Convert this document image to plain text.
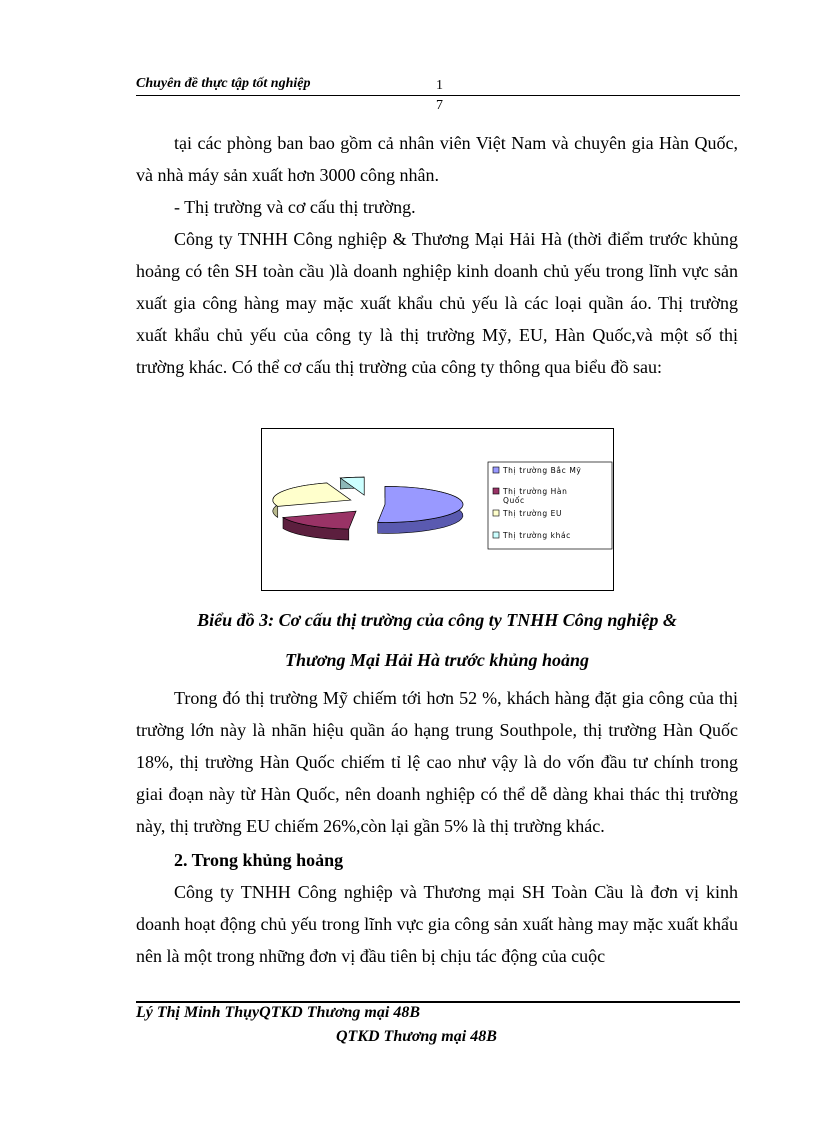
Chuyên đề thực tập tốt nghiệp	1
7

tại các phòng ban bao gồm cả nhân viên Việt Nam và chuyên gia Hàn Quốc, và nhà máy sản xuất hơn 3000 công nhân.

- Thị trường và cơ cấu thị trường.

Công ty TNHH Công nghiệp & Thương Mại Hải Hà (thời điểm trước khủng hoảng có tên SH toàn cầu )là doanh nghiệp kinh doanh chủ yếu trong lĩnh vực sản xuất gia công hàng may mặc xuất khẩu chủ yếu là các loại quần áo. Thị trường xuất khẩu chủ yếu của công ty là thị trường Mỹ, EU, Hàn Quốc,và một số thị trường khác. Có thể cơ cấu thị trường của công ty thông qua biểu đồ sau:

Thị trường Bắc Mỹ
Thị trường Hàn
Quốc
Thị trường EU
Thị trường khác
Biểu đồ 3: Cơ cấu thị trường của công ty TNHH Công nghiệp &
Thương Mại Hải Hà trước khủng hoảng

Trong đó thị trường Mỹ chiếm tới hơn 52 %, khách hàng đặt gia công của thị trường lớn này là nhãn hiệu quần áo hạng trung Southpole, thị trường Hàn Quốc 18%, thị trường Hàn Quốc chiếm tỉ lệ cao như vậy là do vốn đầu tư chính trong giai đoạn này từ Hàn Quốc, nên doanh nghiệp có thể dễ dàng khai thác thị trường này, thị trường EU chiếm 26%,còn lại gần 5% là thị trường khác.

2. Trong khủng hoảng

Công ty TNHH Công nghiệp và Thương mại SH Toàn Cầu là đơn vị kinh doanh hoạt động chủ yếu trong lĩnh vực gia công sản xuất hàng may mặc xuất khẩu nên là một trong những đơn vị đầu tiên bị chịu tác động của cuộc

Lý Thị Minh ThụyQTKD Thương mại 48B
QTKD Thương mại 48B
